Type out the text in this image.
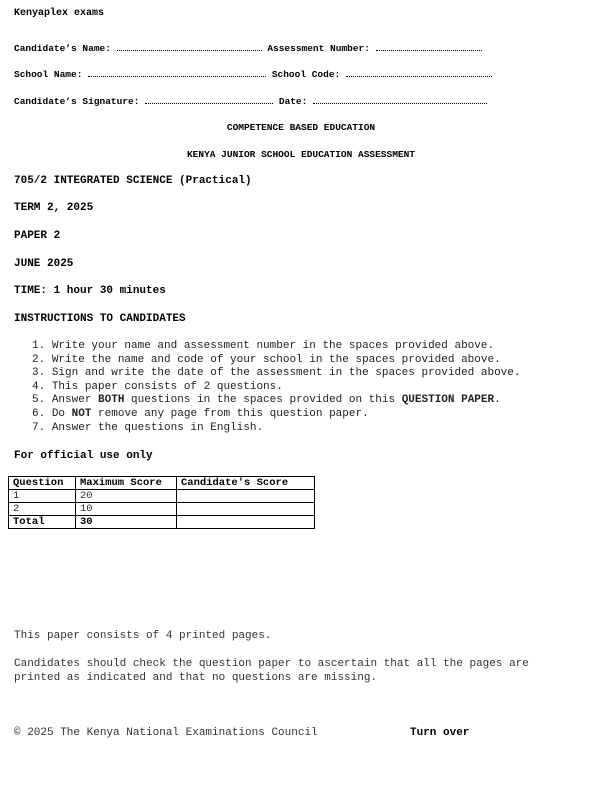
Kenyaplex exams
Candidate’s Name:	Assessment Number:
School Name:	School Code:
Candidate’s Signature:	Date:
COMPETENCE BASED EDUCATION
KENYA JUNIOR SCHOOL EDUCATION ASSESSMENT
705/2 INTEGRATED SCIENCE (Practical)
TERM 2, 2025
PAPER 2
JUNE 2025
TIME: 1 hour 30 minutes
INSTRUCTIONS TO CANDIDATES
1. Write your name and assessment number in the spaces provided above.
2. Write the name and code of your school in the spaces provided above.
3. Sign and write the date of the assessment in the spaces provided above.
4. This paper consists of 2 questions.
5. Answer BOTH questions in the spaces provided on this QUESTION PAPER.
6. Do NOT remove any page from this question paper.
7. Answer the questions in English.
For official use only
Question	Maximum Score	Candidate's Score
1	20	
2	10	
Total	30	
This paper consists of 4 printed pages.
Candidates should check the question paper to ascertain that all the pages are
printed as indicated and that no questions are missing.
© 2025 The Kenya National Examinations Council	Turn over
